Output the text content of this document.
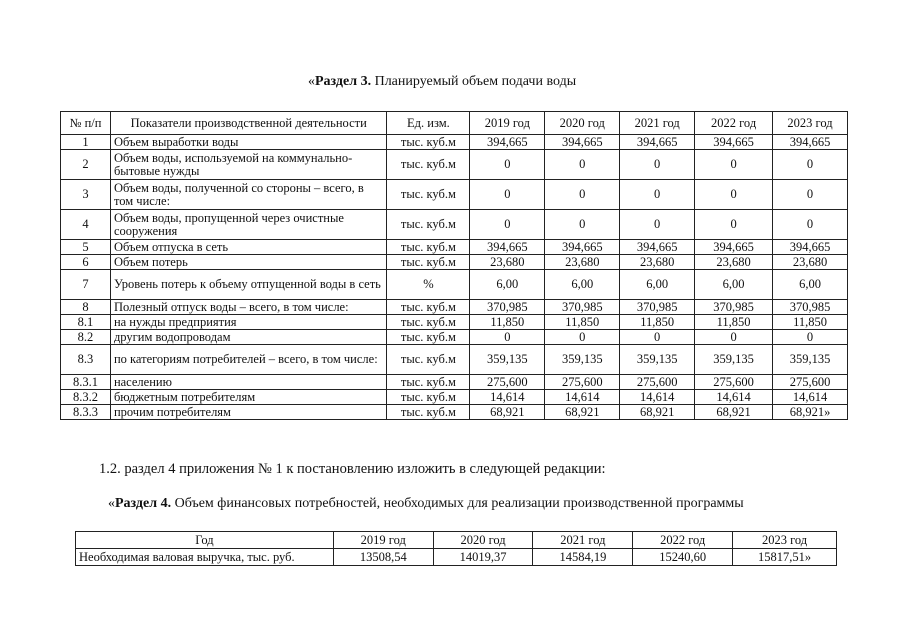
«Раздел 3. Планируемый объем подачи воды
№ п/п	Показатели производственной деятельности	Ед. изм.	2019 год	2020 год	2021 год	2022 год	2023 год
1	Объем выработки воды	тыс. куб.м	394,665	394,665	394,665	394,665	394,665
2	Объем воды, используемой на коммунально-бытовые нужды	тыс. куб.м	0	0	0	0	0
3	Объем воды, полученной со стороны – всего, в том числе:	тыс. куб.м	0	0	0	0	0
4	Объем воды, пропущенной через очистные сооружения	тыс. куб.м	0	0	0	0	0
5	Объем отпуска в сеть	тыс. куб.м	394,665	394,665	394,665	394,665	394,665
6	Объем потерь	тыс. куб.м	23,680	23,680	23,680	23,680	23,680
7	Уровень потерь к объему отпущенной воды в сеть	%	6,00	6,00	6,00	6,00	6,00
8	Полезный отпуск воды – всего, в том числе:	тыс. куб.м	370,985	370,985	370,985	370,985	370,985
8.1	на нужды предприятия	тыс. куб.м	11,850	11,850	11,850	11,850	11,850
8.2	другим водопроводам	тыс. куб.м	0	0	0	0	0
8.3	по категориям потребителей – всего, в том числе:	тыс. куб.м	359,135	359,135	359,135	359,135	359,135
8.3.1	населению	тыс. куб.м	275,600	275,600	275,600	275,600	275,600
8.3.2	бюджетным потребителям	тыс. куб.м	14,614	14,614	14,614	14,614	14,614
8.3.3	прочим потребителям	тыс. куб.м	68,921	68,921	68,921	68,921	68,921»
1.2. раздел 4 приложения № 1 к постановлению изложить в следующей редакции:
«Раздел 4. Объем финансовых потребностей, необходимых для реализации производственной программы
Год	2019 год	2020 год	2021 год	2022 год	2023 год
Необходимая валовая выручка, тыс. руб.	13508,54	14019,37	14584,19	15240,60	15817,51»
